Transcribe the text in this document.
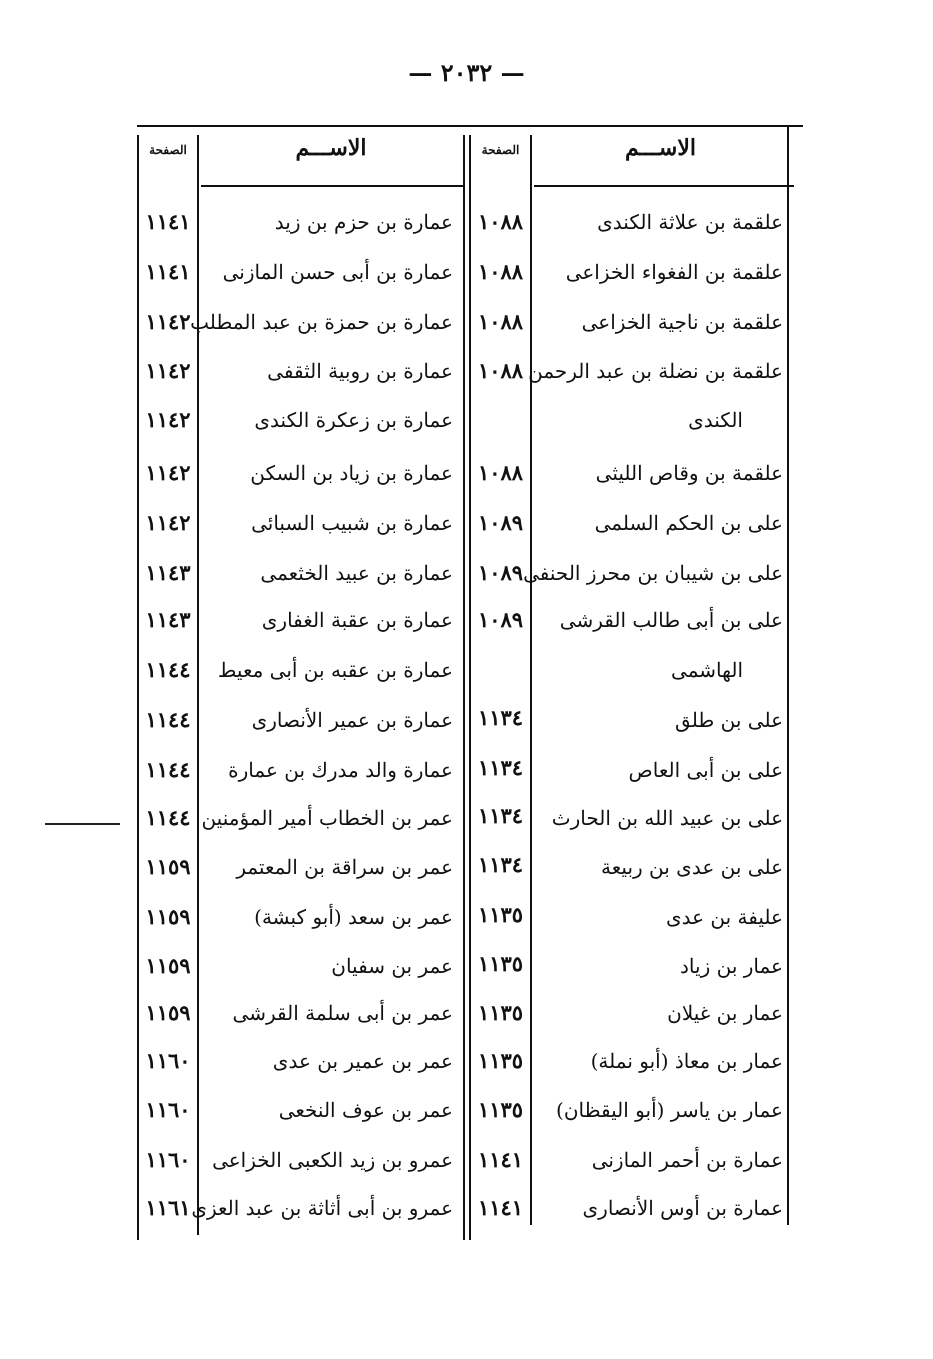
— ٢٠٣٢ —
الاســـم
الصفحة
الاســـم
الصفحة
علقمة بن علاثة الكندى
١٠٨٨
علقمة بن الفغواء الخزاعى
١٠٨٨
علقمة بن ناجية الخزاعى
١٠٨٨
علقمة بن نضلة بن عبد الرحمن
١٠٨٨
الكندى
علقمة بن وقاص الليثى
١٠٨٨
على بن الحكم السلمى
١٠٨٩
على بن شيبان بن محرز الحنفى
١٠٨٩
على بن أبى طالب القرشى
١٠٨٩
الهاشمى
على بن طلق
١١٣٤
على بن أبى العاص
١١٣٤
على بن عبيد الله بن الحارث
١١٣٤
على بن عدى بن ربيعة
١١٣٤
عليفة بن عدى
١١٣٥
عمار بن زياد
١١٣٥
عمار بن غيلان
١١٣٥
عمار بن معاذ (أبو نملة)
١١٣٥
عمار بن ياسر (أبو اليقظان)
١١٣٥
عمارة بن أحمر المازنى
١١٤١
عمارة بن أوس الأنصارى
١١٤١
عمارة بن حزم بن زيد
١١٤١
عمارة بن أبى حسن المازنى
١١٤١
عمارة بن حمزة بن عبد المطلب
١١٤٢
عمارة بن روبية الثقفى
١١٤٢
عمارة بن زعكرة الكندى
١١٤٢
عمارة بن زياد بن السكن
١١٤٢
عمارة بن شبيب السبائى
١١٤٢
عمارة بن عبيد الخثعمى
١١٤٣
عمارة بن عقبة الغفارى
١١٤٣
عمارة بن عقبه بن أبى معيط
١١٤٤
عمارة بن عمير الأنصارى
١١٤٤
عمارة والد مدرك بن عمارة
١١٤٤
عمر بن الخطاب أمير المؤمنين
١١٤٤
عمر بن سراقة بن المعتمر
١١٥٩
عمر بن سعد (أبو كبشة)
١١٥٩
عمر بن سفيان
١١٥٩
عمر بن أبى سلمة القرشى
١١٥٩
عمر بن عمير بن عدى
١١٦٠
عمر بن عوف النخعى
١١٦٠
عمرو بن زيد الكعبى الخزاعى
١١٦٠
عمرو بن أبى أثاثة بن عبد العزى
١١٦١
